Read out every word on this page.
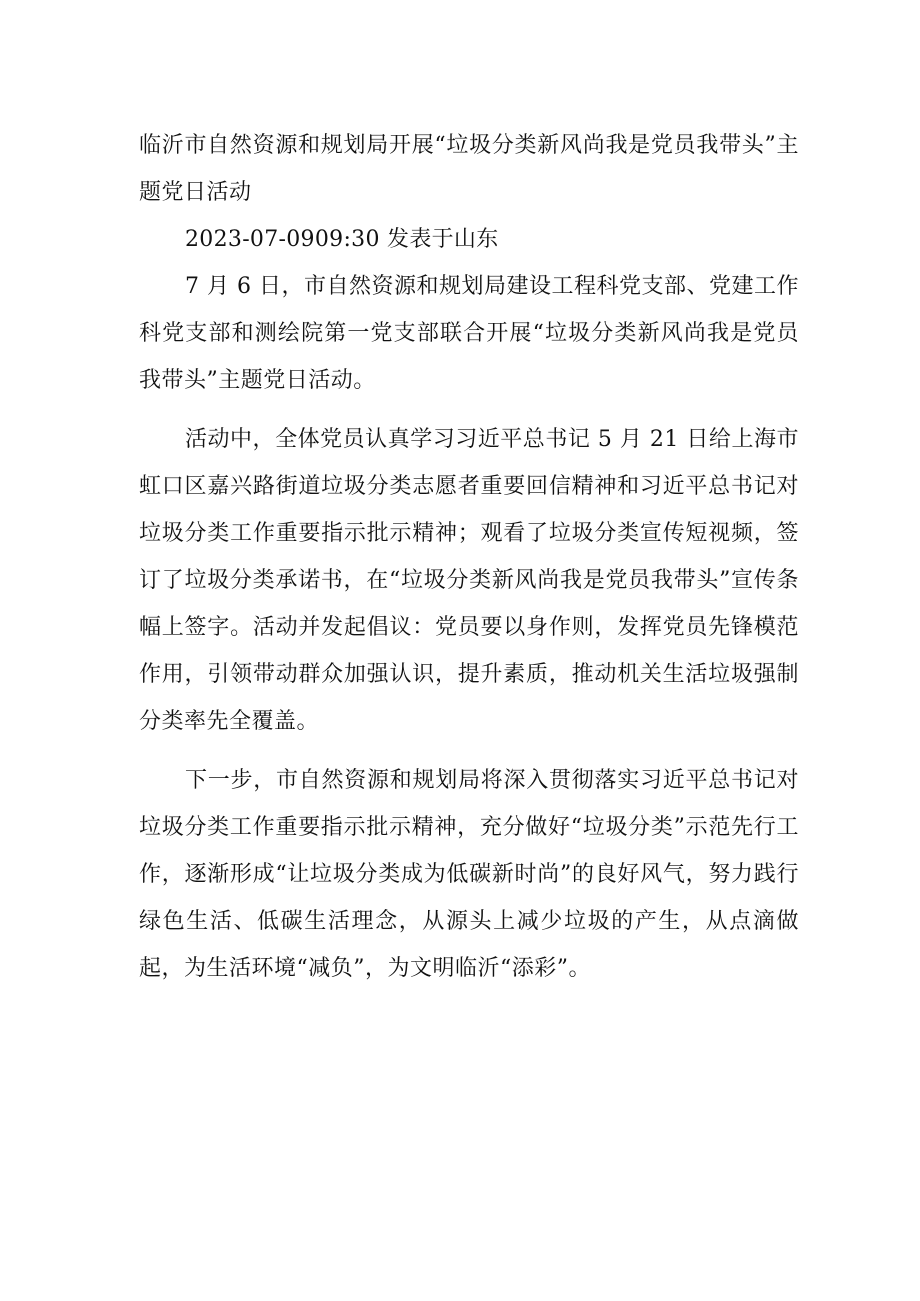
临沂市自然资源和规划局开展“垃圾分类新风尚我是党员我带头”主题党日活动

2023-07-0909:30 发表于山东

7 月 6 日，市自然资源和规划局建设工程科党支部、党建工作科党支部和测绘院第一党支部联合开展“垃圾分类新风尚我是党员我带头”主题党日活动。

活动中，全体党员认真学习习近平总书记 5 月 21 日给上海市虹口区嘉兴路街道垃圾分类志愿者重要回信精神和习近平总书记对垃圾分类工作重要指示批示精神；观看了垃圾分类宣传短视频，签订了垃圾分类承诺书，在“垃圾分类新风尚我是党员我带头”宣传条幅上签字。活动并发起倡议：党员要以身作则，发挥党员先锋模范作用，引领带动群众加强认识，提升素质，推动机关生活垃圾强制分类率先全覆盖。

下一步，市自然资源和规划局将深入贯彻落实习近平总书记对垃圾分类工作重要指示批示精神，充分做好“垃圾分类”示范先行工作，逐渐形成“让垃圾分类成为低碳新时尚”的良好风气，努力践行绿色生活、低碳生活理念，从源头上减少垃圾的产生，从点滴做起，为生活环境“减负”，为文明临沂“添彩”。
